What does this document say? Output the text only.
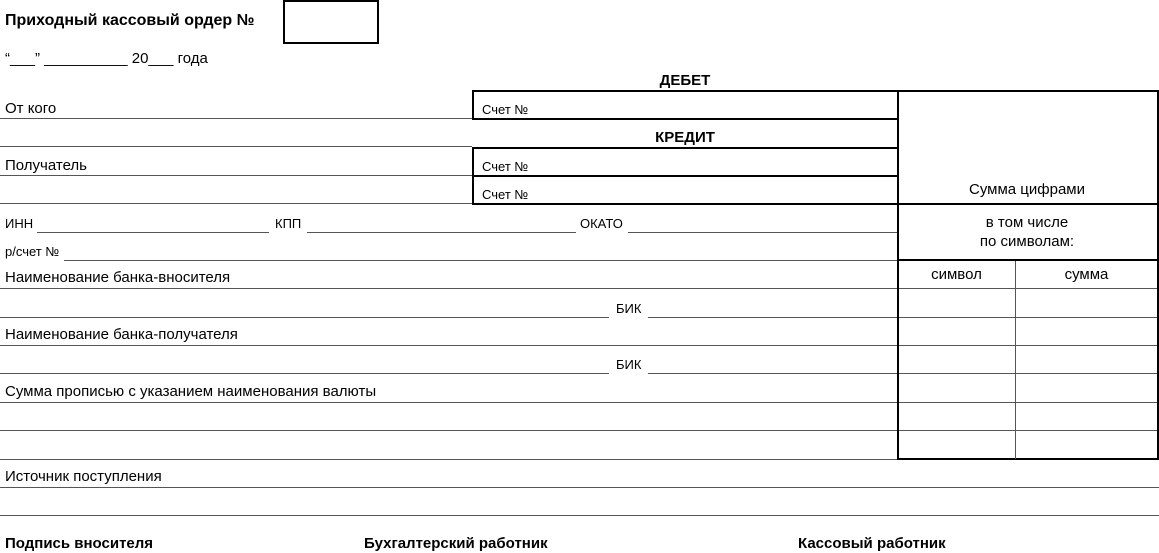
Приходный кассовый ордер №
“___” __________ 20___ года
ДЕБЕТ
От кого	Счет №
КРЕДИТ
Получатель	Счет №
Счет №	Сумма цифрами
в том числе
по символам:
символ	сумма
ИНН	КПП	ОКАТО
р/счет №
Наименование банка-вносителя
БИК
Наименование банка-получателя
БИК
Сумма прописью с указанием наименования валюты
Источник поступления
Подпись вносителя	Бухгалтерский работник	Кассовый работник
